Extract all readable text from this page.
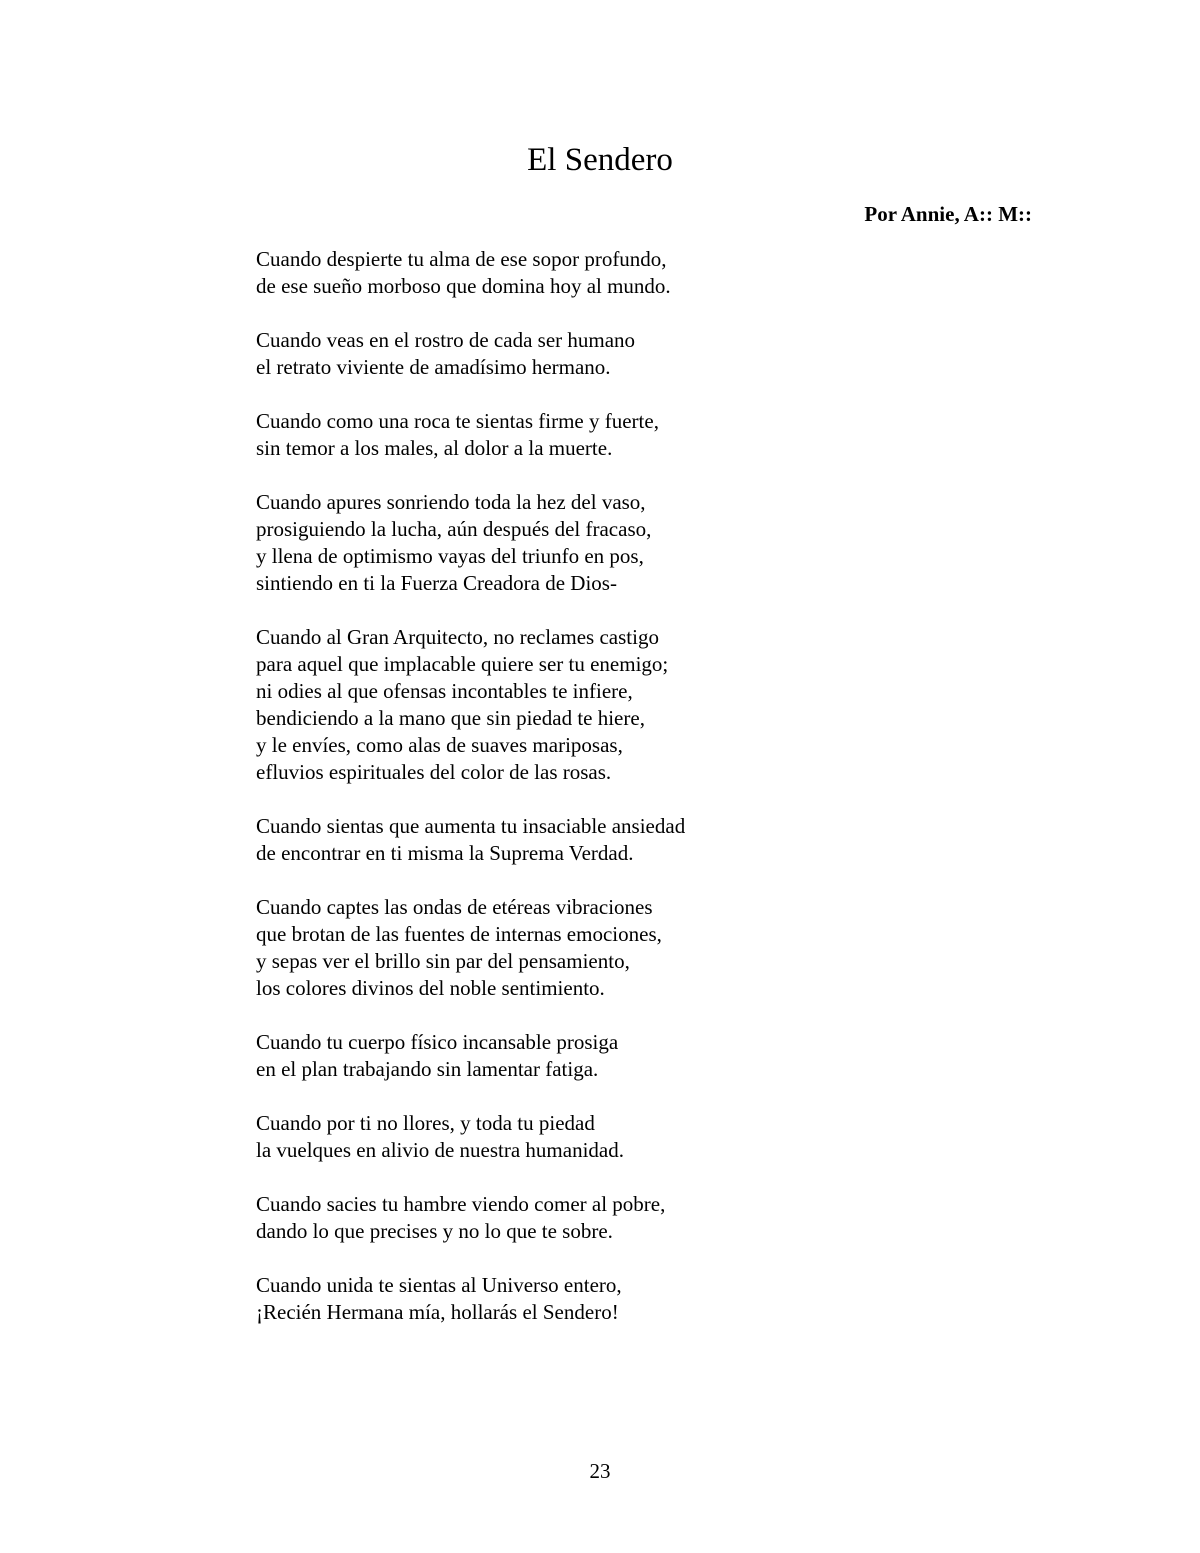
El Sendero
Por Annie, A:: M::
Cuando despierte tu alma de ese sopor profundo,
de ese sueño morboso que domina hoy al mundo.
Cuando veas en el rostro de cada ser humano
el retrato viviente de amadísimo hermano.
Cuando como una roca te sientas firme y fuerte,
sin temor a los males, al dolor a la muerte.
Cuando apures sonriendo toda la hez del vaso,
prosiguiendo la lucha, aún después del fracaso,
y llena de optimismo vayas del triunfo en pos,
sintiendo en ti la Fuerza Creadora de Dios-
Cuando al Gran Arquitecto, no reclames castigo
para aquel que implacable quiere ser tu enemigo;
ni odies al que ofensas incontables te infiere,
bendiciendo a la mano que sin piedad te hiere,
y le envíes, como alas de suaves mariposas,
efluvios espirituales del color de las rosas.
Cuando sientas que aumenta tu insaciable ansiedad
de encontrar en ti misma la Suprema Verdad.
Cuando captes las ondas de etéreas vibraciones
que brotan de las fuentes de internas emociones,
y sepas ver el brillo sin par del pensamiento,
los colores divinos del noble sentimiento.
Cuando tu cuerpo físico incansable prosiga
en el plan trabajando sin lamentar fatiga.
Cuando por ti no llores, y toda tu piedad
la vuelques en alivio de nuestra humanidad.
Cuando sacies tu hambre viendo comer al pobre,
dando lo que precises y no lo que te sobre.
Cuando unida te sientas al Universo entero,
¡Recién Hermana mía, hollarás el Sendero!
23
